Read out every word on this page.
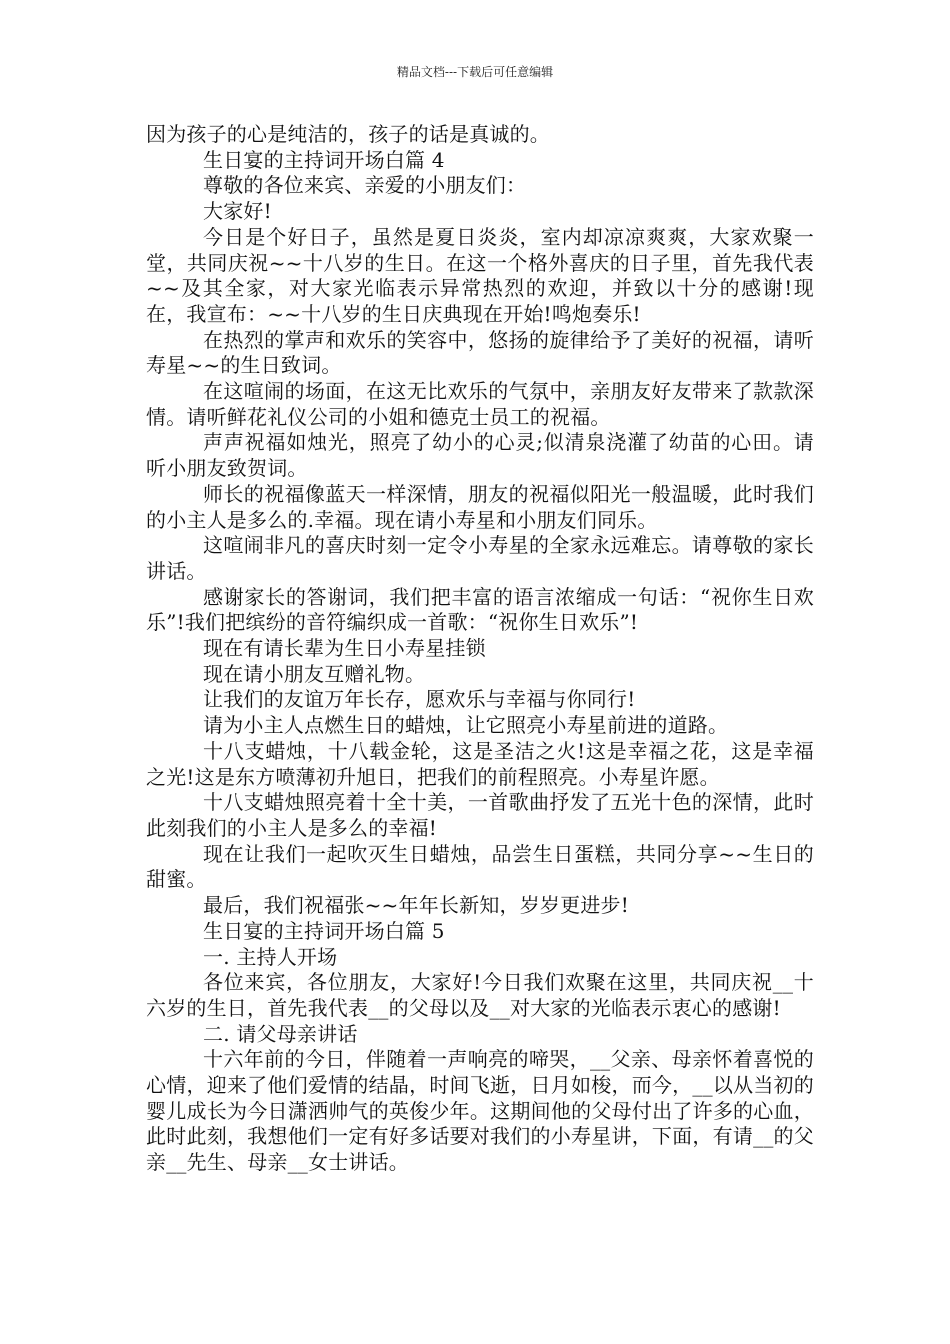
精品文档---下载后可任意编辑

因为孩子的心是纯洁的，孩子的话是真诚的。

生日宴的主持词开场白篇 4

尊敬的各位来宾、亲爱的小朋友们：

大家好!

今日是个好日子，虽然是夏日炎炎，室内却凉凉爽爽，大家欢聚一堂，共同庆祝~~十八岁的生日。在这一个格外喜庆的日子里，首先我代表~~及其全家，对大家光临表示异常热烈的欢迎，并致以十分的感谢!现在，我宣布：~~十八岁的生日庆典现在开始!鸣炮奏乐!

在热烈的掌声和欢乐的笑容中，悠扬的旋律给予了美好的祝福，请听寿星~~的生日致词。

在这喧闹的场面，在这无比欢乐的气氛中，亲朋友好友带来了款款深情。请听鲜花礼仪公司的小姐和德克士员工的祝福。

声声祝福如烛光，照亮了幼小的心灵;似清泉浇灌了幼苗的心田。请听小朋友致贺词。

师长的祝福像蓝天一样深情，朋友的祝福似阳光一般温暖，此时我们的小主人是多么的.幸福。现在请小寿星和小朋友们同乐。

这喧闹非凡的喜庆时刻一定令小寿星的全家永远难忘。请尊敬的家长讲话。

感谢家长的答谢词，我们把丰富的语言浓缩成一句话：“祝你生日欢乐”!我们把缤纷的音符编织成一首歌：“祝你生日欢乐”!

现在有请长辈为生日小寿星挂锁

现在请小朋友互赠礼物。

让我们的友谊万年长存，愿欢乐与幸福与你同行!

请为小主人点燃生日的蜡烛，让它照亮小寿星前进的道路。

十八支蜡烛，十八载金轮，这是圣洁之火!这是幸福之花，这是幸福之光!这是东方喷薄初升旭日，把我们的前程照亮。小寿星许愿。

十八支蜡烛照亮着十全十美，一首歌曲抒发了五光十色的深情，此时此刻我们的小主人是多么的幸福!

现在让我们一起吹灭生日蜡烛，品尝生日蛋糕，共同分享~~生日的甜蜜。

最后，我们祝福张~~年年长新知，岁岁更进步!

生日宴的主持词开场白篇 5

一. 主持人开场

各位来宾，各位朋友，大家好!今日我们欢聚在这里，共同庆祝__十六岁的生日，首先我代表__的父母以及__对大家的光临表示衷心的感谢!

二. 请父母亲讲话

十六年前的今日，伴随着一声响亮的啼哭，__父亲、母亲怀着喜悦的心情，迎来了他们爱情的结晶，时间飞逝，日月如梭，而今，__以从当初的婴儿成长为今日潇洒帅气的英俊少年。这期间他的父母付出了许多的心血，此时此刻，我想他们一定有好多话要对我们的小寿星讲，下面，有请__的父亲__先生、母亲__女士讲话。
